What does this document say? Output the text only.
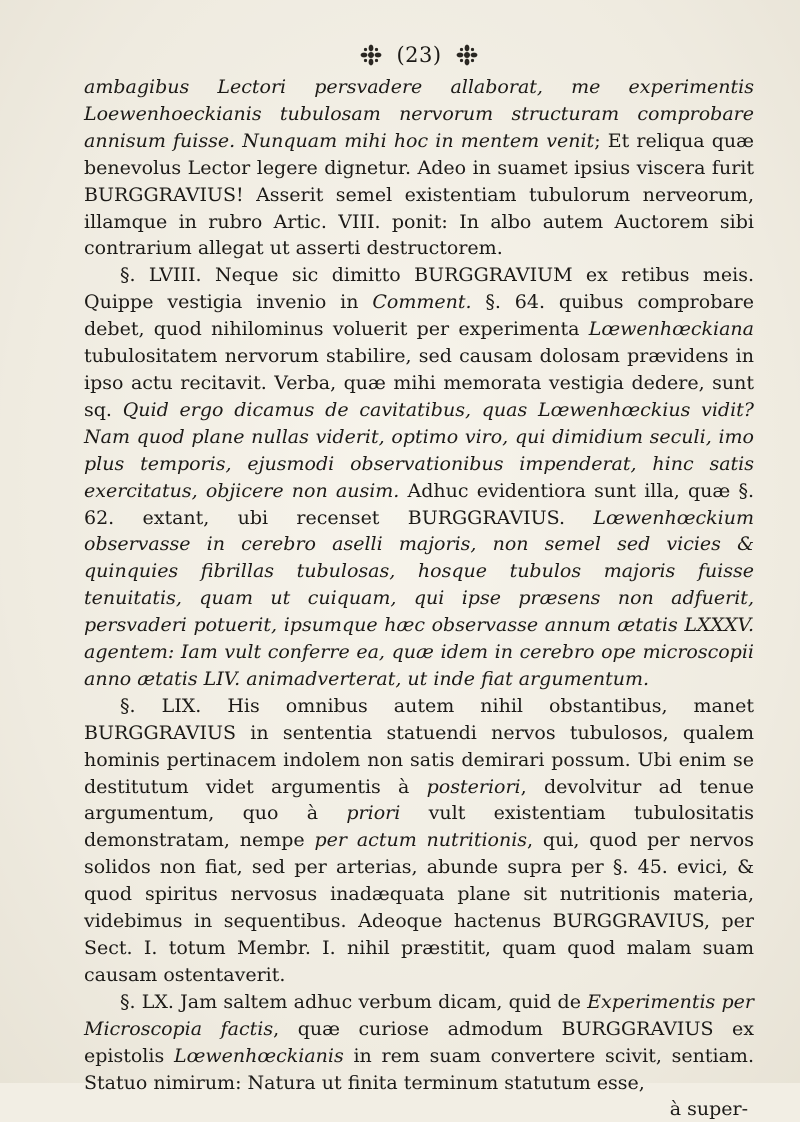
(23)

ambagibus Lectori persvadere allaborat, me experimentis Loewenhoeckianis tubulosam nervorum structuram comprobare annisum fuisse. Nunquam mihi hoc in mentem venit; Et reliqua quæ benevolus Lector legere dignetur. Adeo in suamet ipsius viscera furit BURGGRAVIUS! Asserit semel existentiam tubulorum nerveorum, illamque in rubro Artic. VIII. ponit: In albo autem Auctorem sibi contrarium allegat ut asserti destructorem.

§. LVIII. Neque sic dimitto BURGGRAVIUM ex retibus meis. Quippe vestigia invenio in Comment. §. 64. quibus comprobare debet, quod nihilominus voluerit per experimenta Lœwenhœckiana tubulositatem nervorum stabilire, sed causam dolosam prævidens in ipso actu recitavit. Verba, quæ mihi memorata vestigia dedere, sunt sq. Quid ergo dicamus de cavitatibus, quas Lœwenhœckius vidit? Nam quod plane nullas viderit, optimo viro, qui dimidium seculi, imo plus temporis, ejusmodi observationibus impenderat, hinc satis exercitatus, objicere non ausim. Adhuc evidentiora sunt illa, quæ §. 62. extant, ubi recenset BURGGRAVIUS. Lœwenhœckium observasse in cerebro aselli majoris, non semel sed vicies & quinquies fibrillas tubulosas, hosque tubulos majoris fuisse tenuitatis, quam ut cuiquam, qui ipse præsens non adfuerit, persvaderi potuerit, ipsumque hæc observasse annum ætatis LXXXV. agentem: Iam vult conferre ea, quæ idem in cerebro ope microscopii anno ætatis LIV. animadverterat, ut inde fiat argumentum.

§. LIX. His omnibus autem nihil obstantibus, manet BURGGRAVIUS in sententia statuendi nervos tubulosos, qualem hominis pertinacem indolem non satis demirari possum. Ubi enim se destitutum videt argumentis à posteriori, devolvitur ad tenue argumentum, quo à priori vult existentiam tubulositatis demonstratam, nempe per actum nutritionis, qui, quod per nervos solidos non fiat, sed per arterias, abunde supra per §. 45. evici, & quod spiritus nervosus inadæquata plane sit nutritionis materia, videbimus in sequentibus. Adeoque hactenus BURGGRAVIUS, per Sect. I. totum Membr. I. nihil præstitit, quam quod malam suam causam ostentaverit.

§. LX. Jam saltem adhuc verbum dicam, quid de Experimentis per Microscopia factis, quæ curiose admodum BURGGRAVIUS ex epistolis Lœwenhœckianis in rem suam convertere scivit, sentiam. Statuo nimirum: Natura ut finita terminum statutum esse,

à super-
